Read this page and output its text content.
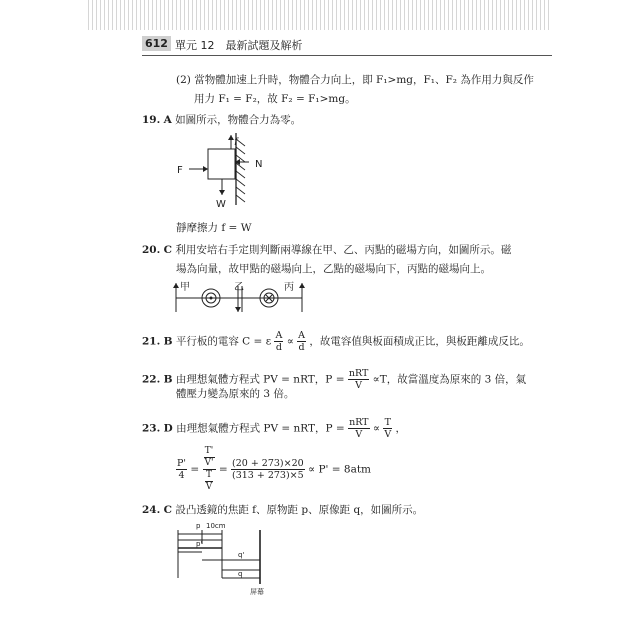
612 單元 12　最新試題及解析
(2) 當物體加速上升時，物體合力向上，即 F₁>mg，F₁、F₂ 為作用力與反作
用力 F₁ = F₂，故 F₂ = F₁>mg。
19. A 如圖所示，物體合力為零。
F
f
N
W
靜摩擦力 f = W
20. C 利用安培右手定則判斷兩導線在甲、乙、丙點的磁場方向，如圖所示。磁
場為向量，故甲點的磁場向上，乙點的磁場向下，丙點的磁場向上。
甲	乙	丙
21. B 平行板的電容 C = ε $\frac{A}{d} \propto \frac{A}{d}$ ，故電容值與板面積成正比，與板距離成反比。
22. B 由理想氣體方程式 PV = nRT，$P = \frac{\text{nRT}}{V} \propto T$，故當溫度為原來的 3 倍，氣
體壓力變為原來的 3 倍。
23. D 由理想氣體方程式 PV = nRT，$P = \frac{\text{nRT}}{V} \propto \frac{T}{V}$ ，
$\frac{P'}{4} = \frac{\frac{T'}{V'}}{\frac{T}{V}} = \frac{(20 + 273)\times 20}{(313 + 273)\times 5} \propto P' = 8atm$
24. C 設凸透鏡的焦距 f、原物距 p、原像距 q，如圖所示。
p 10cm
p'
q'
q
屏幕
